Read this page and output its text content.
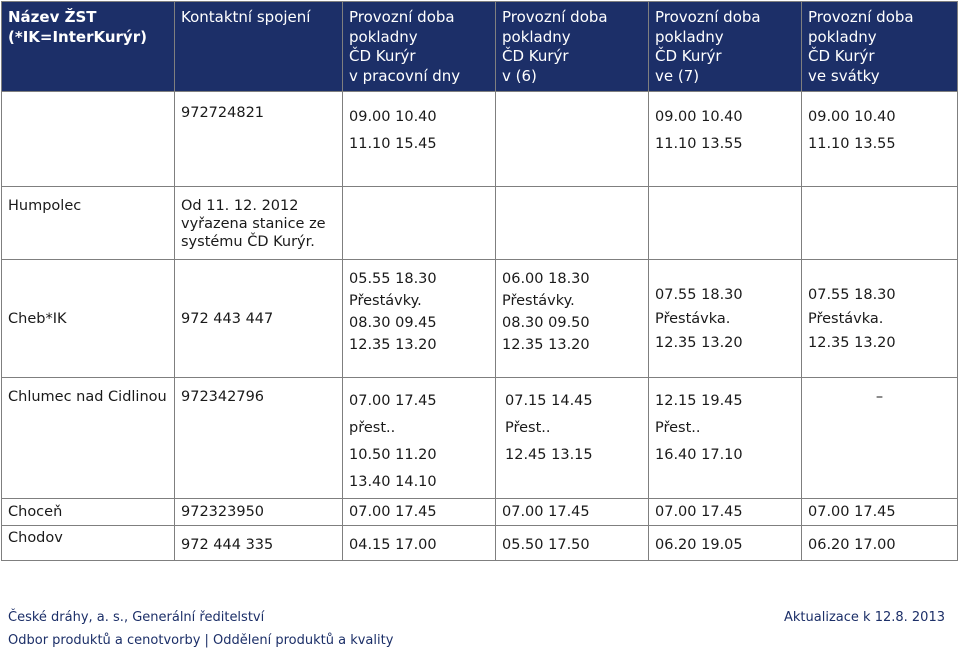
Název ŽST
(*IK=InterKurýr)	Kontaktní spojení	Provozní doba
pokladny
ČD Kurýr
v pracovní dny	Provozní doba
pokladny
ČD Kurýr
v (6)	Provozní doba
pokladny
ČD Kurýr
ve (7)	Provozní doba
pokladny
ČD Kurýr
ve svátky

	972724821	09.00 10.40
11.10 15.45		09.00 10.40
11.10 13.55	09.00 10.40
11.10 13.55

Humpolec	Od 11. 12. 2012
vyřazena stanice ze
systému ČD Kurýr.				

Cheb*IK	972 443 447	05.55 18.30
Přestávky.
08.30 09.45
12.35 13.20	06.00 18.30
Přestávky.
08.30 09.50
12.35 13.20	07.55 18.30
Přestávka.
12.35 13.20	07.55 18.30
Přestávka.
12.35 13.20

Chlumec nad Cidlinou	972342796	07.00 17.45
přest..
10.50 11.20
13.40 14.10	07.15 14.45
Přest..
12.45 13.15	12.15 19.45
Přest..
16.40 17.10	–

Choceň	972323950	07.00 17.45	07.00 17.45	07.00 17.45	07.00 17.45

Chodov	972 444 335	04.15 17.00	05.50 17.50	06.20 19.05	06.20 17.00
České dráhy, a. s., Generální ředitelství
Odbor produktů a cenotvorby | Oddělení produktů a kvality
Aktualizace k 12.8. 2013
